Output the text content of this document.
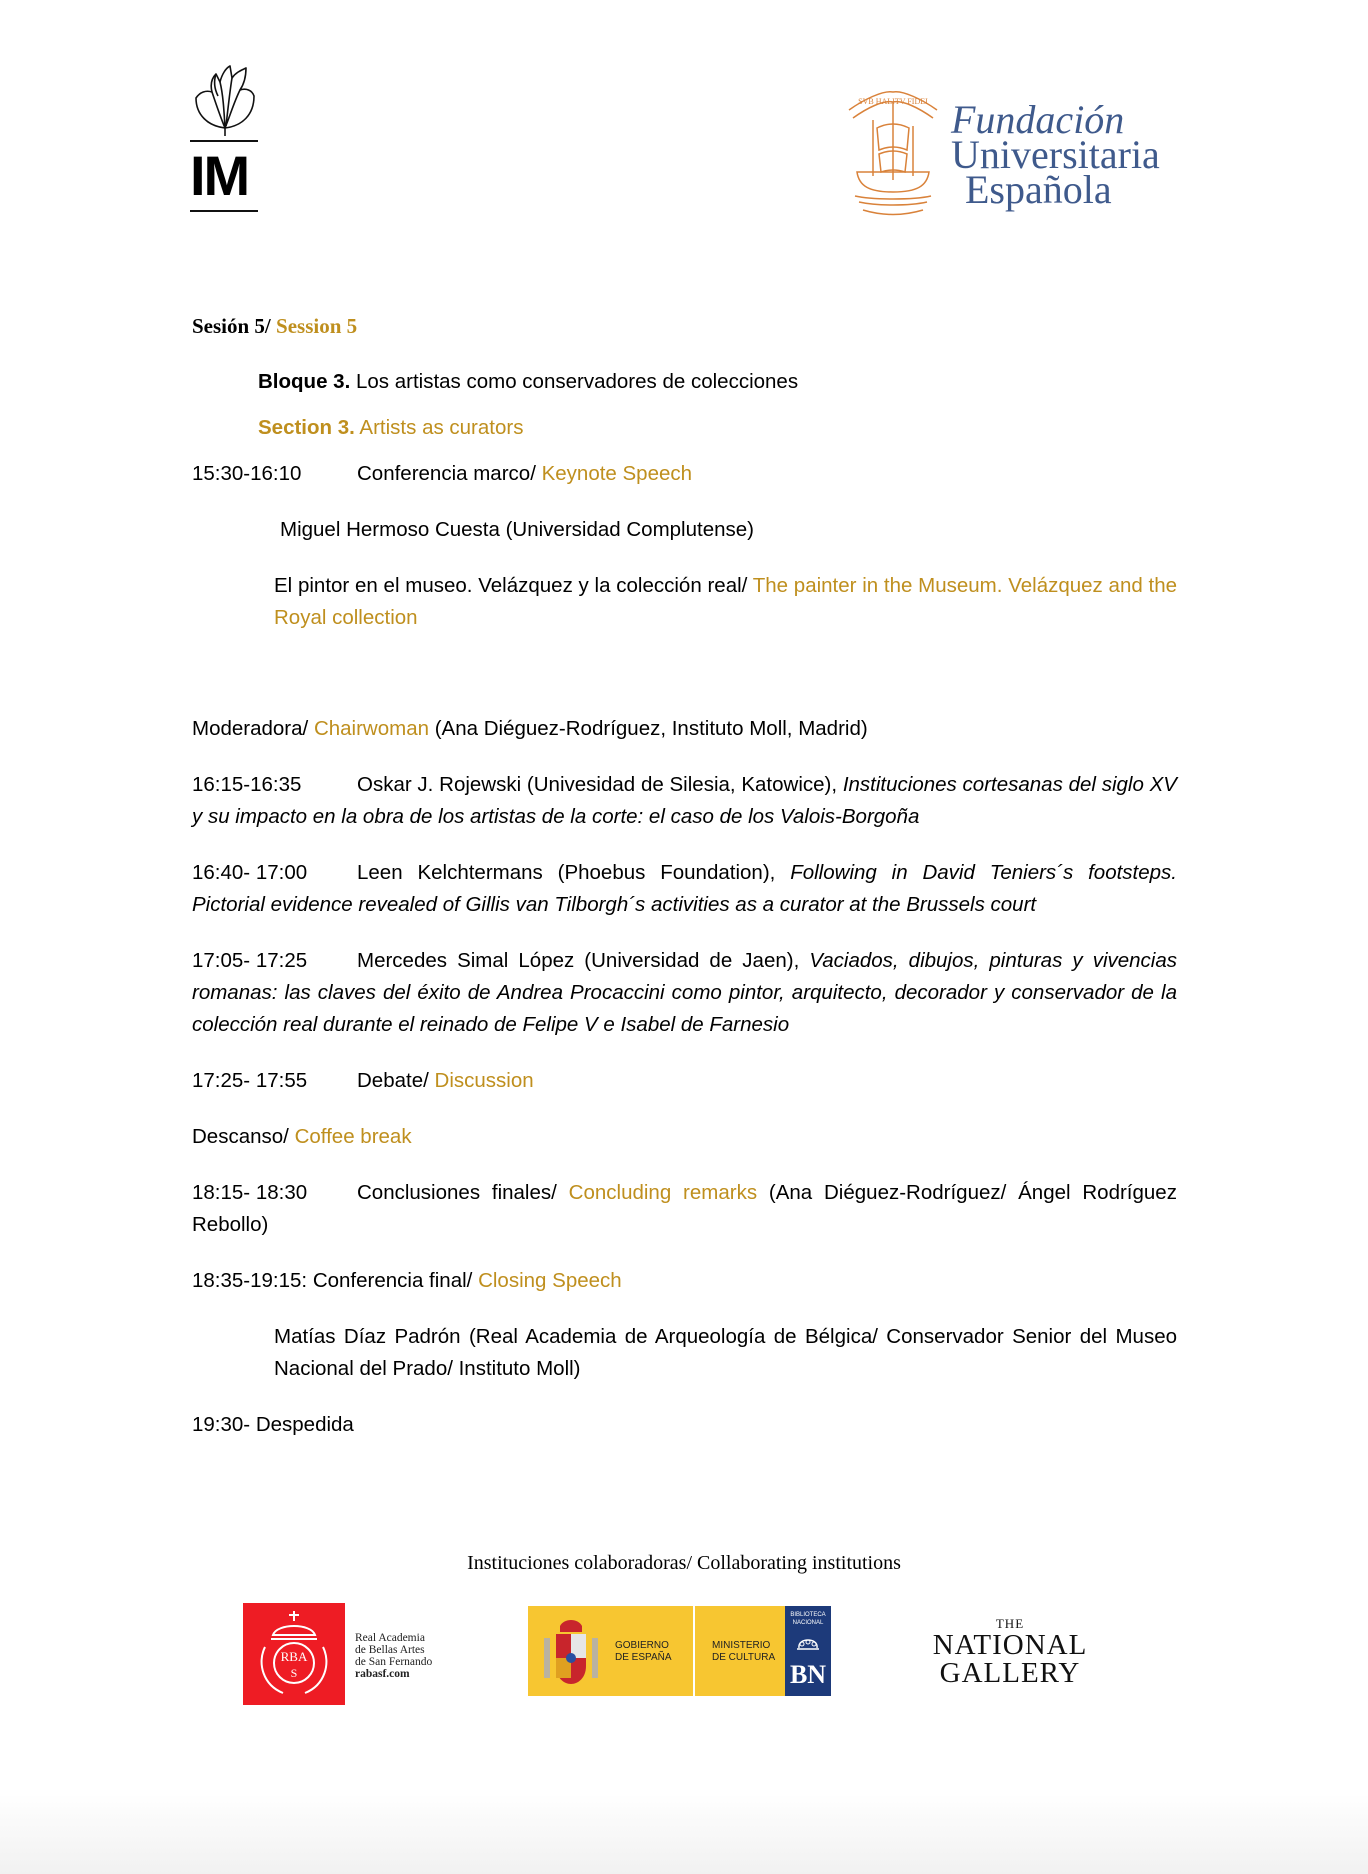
IM
SVB HALITV FIDEI Fundación
Universitaria
Española
Sesión 5/ Session 5
Bloque 3. Los artistas como conservadores de colecciones
Section 3. Artists as curators
15:30-16:10	Conferencia marco/ Keynote Speech
Miguel Hermoso Cuesta (Universidad Complutense)
El pintor en el museo. Velázquez y la colección real/ The painter in the Museum. Velázquez and the Royal collection
Moderadora/ Chairwoman (Ana Diéguez-Rodríguez, Instituto Moll, Madrid)
16:15-16:35	Oskar J. Rojewski (Univesidad de Silesia, Katowice), Instituciones cortesanas del siglo XV y su impacto en la obra de los artistas de la corte: el caso de los Valois-Borgoña
16:40- 17:00 Leen Kelchtermans (Phoebus Foundation), Following in David Teniers´s footsteps. Pictorial evidence revealed of Gillis van Tilborgh´s activities as a curator at the Brussels court
17:05- 17:25 Mercedes Simal López (Universidad de Jaen), Vaciados, dibujos, pinturas y vivencias romanas: las claves del éxito de Andrea Procaccini como pintor, arquitecto, decorador y conservador de la colección real durante el reinado de Felipe V e Isabel de Farnesio
17:25- 17:55 Debate/ Discussion
Descanso/ Coffee break
18:15- 18:30 Conclusiones finales/ Concluding remarks (Ana Diéguez-Rodríguez/ Ángel Rodríguez Rebollo)
18:35-19:15: Conferencia final/ Closing Speech
Matías Díaz Padrón (Real Academia de Arqueología de Bélgica/ Conservador Senior del Museo Nacional del Prado/ Instituto Moll)
19:30- Despedida
Instituciones colaboradoras/ Collaborating institutions
RBA
S
Real Academia
de Bellas Artes
de San Fernando
rabasf.com
GOBIERNO
DE ESPAÑA
MINISTERIO
DE CULTURA
BIBLIOTECA
NACIONAL
BN
THE
NATIONAL
GALLERY
